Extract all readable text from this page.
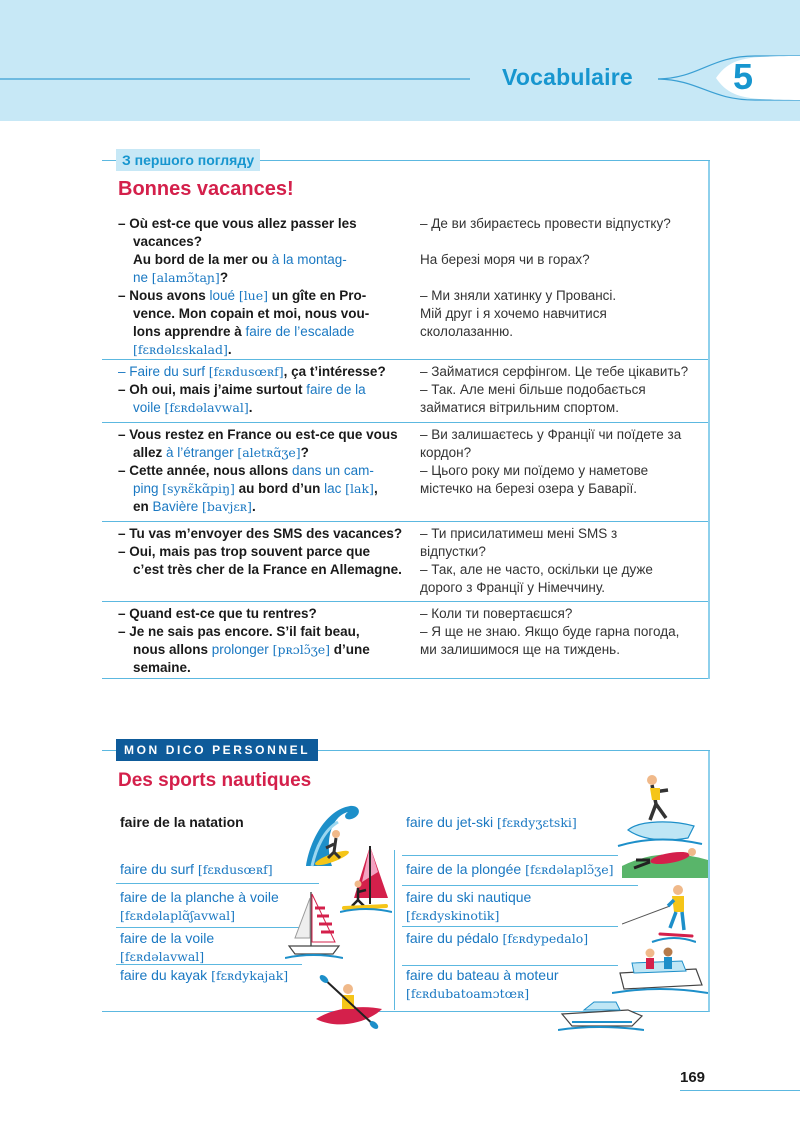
Vocabulaire	5
З першого погляду
Bonnes vacances!
– Où est-ce que vous allez passer les
vacances?
Au bord de la mer ou à la montag-
ne [alamɔ̃taɲ]?
– Nous avons loué [lue] un gîte en Pro-
vence. Mon copain et moi, nous vou-
lons apprendre à faire de l’escalade
[fɛʀdəlɛskalad].
– Де ви збираєтесь провести відпустку?
На березі моря чи в горах?
– Ми зняли хатинку у Провансі.
Мій друг і я хочемо навчитися
скололазанню.
– Faire du surf [fɛʀdusœʀf], ça t’intéresse?
– Oh oui, mais j’aime surtout faire de la
voile [fɛʀdəlavwal].
– Займатися серфінгом. Це тебе цікавить?
– Так. Але мені більше подобається
займатися вітрильним спортом.
– Vous restez en France ou est-ce que vous
allez à l’étranger [aletʀɑ̃ʒe]?
– Cette année, nous allons dans un cam-
ping [syʀɛ̃kɑ̃piŋ] au bord d’un lac [lak],
en Bavière [bavjɛʀ].
– Ви залишаєтесь у Франції чи поїдете за
кордон?
– Цього року ми поїдемо у наметове
містечко на березі озера у Баварії.
– Tu vas m’envoyer des SMS des vacances?
– Oui, mais pas trop souvent parce que
c’est très cher de la France en Allemagne.
– Ти присилатимеш мені SMS з
відпустки?
– Так, але не часто, оскільки це дуже
дорого з Франції у Німеччину.
– Quand est-ce que tu rentres?
– Je ne sais pas encore. S’il fait beau,
nous allons prolonger [pʀɔlɔ̃ʒe] d’une
semaine.
– Коли ти повертаєшся?
– Я ще не знаю. Якщо буде гарна погода,
ми залишимося ще на тиждень.
MON DICO PERSONNEL
Des sports nautiques
faire de la natation
faire du surf [fɛʀdusœʀf]
faire de la planche à voile
[fɛʀdəlaplɑ̃ʃavwal]
faire de la voile
[fɛʀdəlavwal]
faire du kayak [fɛʀdykajak]
faire du jet-ski [fɛʀdyʒɛtski]
faire de la plongée [fɛʀdəlaplɔ̃ʒe]
faire du ski nautique
[fɛʀdyskinotik]
faire du pédalo [fɛʀdypedalo]
faire du bateau à moteur
[fɛʀdubatoamɔtœʀ]
169
